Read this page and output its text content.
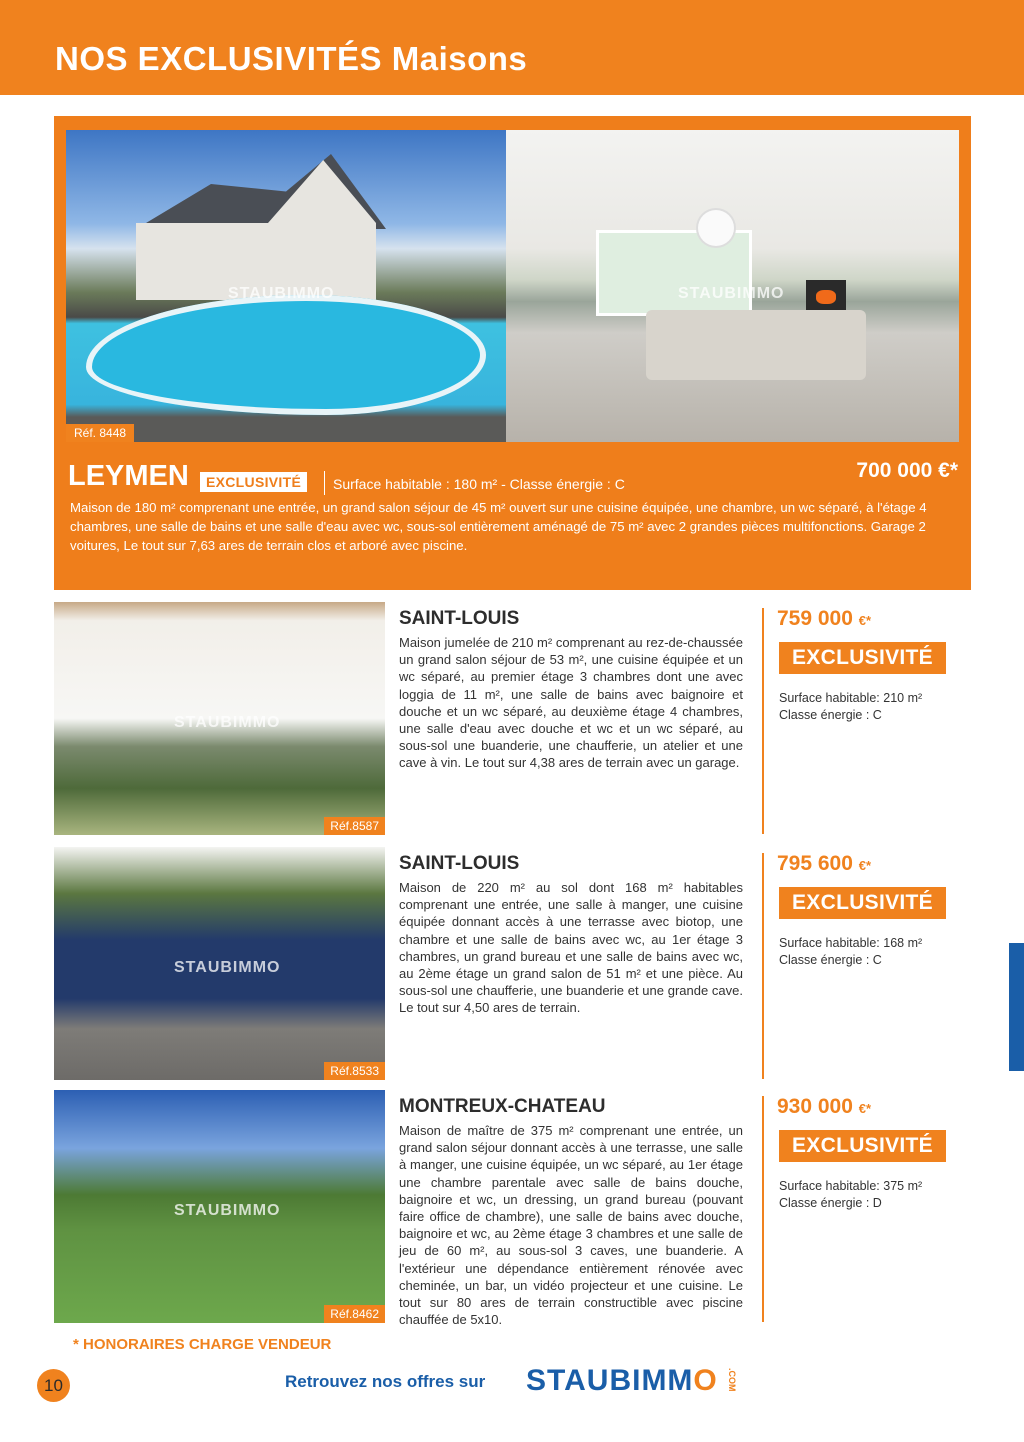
NOS EXCLUSIVITÉS Maisons
STAUBIMMO
Réf. 8448
STAUBIMMO
LEYMEN	EXCLUSIVITÉ	Surface habitable : 180 m² - Classe énergie : C
700 000 €*

Maison de 180 m² comprenant une entrée, un grand salon séjour de 45 m² ouvert sur une cuisine équipée, une chambre, un wc séparé, à l'étage 4 chambres, une salle de bains et une salle d'eau avec wc, sous-sol entièrement aménagé de 75 m² avec 2 grandes pièces multifonctions. Garage 2 voitures, Le tout sur 7,63 ares de terrain clos et arboré avec piscine.

STAUBIMMO
Réf.8587
SAINT-LOUIS

Maison jumelée de 210 m² comprenant au rez-de-chaussée un grand salon séjour de 53 m², une cuisine équipée et un wc séparé, au premier étage 3 chambres dont une avec loggia de 11 m², une salle de bains avec baignoire et douche et un wc séparé, au deuxième étage 4 chambres, une salle d'eau avec douche et wc et un wc séparé, au sous-sol une buanderie, une chaufferie, un atelier et une cave à vin. Le tout sur 4,38 ares de terrain avec un garage.

759 000 €*
EXCLUSIVITÉ
Surface habitable: 210 m²
Classe énergie : C
STAUBIMMO
Réf.8533
SAINT-LOUIS

Maison de 220 m² au sol dont 168 m² habitables comprenant une entrée, une salle à manger, une cuisine équipée donnant accès à une terrasse avec biotop, une chambre et une salle de bains avec wc, au 1er étage 3 chambres, un grand bureau et une salle de bains avec wc, au 2ème étage un grand salon de 51 m² et une pièce. Au sous-sol une chaufferie, une buanderie et une grande cave. Le tout sur 4,50 ares de terrain.

795 600 €*
EXCLUSIVITÉ
Surface habitable: 168 m²
Classe énergie : C
STAUBIMMO
Réf.8462
MONTREUX-CHATEAU

Maison de maître de 375 m² comprenant une entrée, un grand salon séjour donnant accès à une terrasse, une salle à manger, une cuisine équipée, un wc séparé, au 1er étage une chambre parentale avec salle de bains douche, baignoire et wc, un dressing, un grand bureau (pouvant faire office de chambre), une salle de bains avec douche, baignoire et wc, au 2ème étage 3 chambres et une salle de jeu de 60 m², au sous-sol 3 caves, une buanderie. A l'extérieur une dépendance entièrement rénovée avec cheminée, un bar, un vidéo projecteur et une cuisine. Le tout sur 80 ares de terrain constructible avec piscine chauffée de 5x10.

930 000 €*
EXCLUSIVITÉ
Surface habitable: 375 m²
Classe énergie : D
* HONORAIRES CHARGE VENDEUR
10	Retrouvez nos offres sur STAUBIMMO .COM
